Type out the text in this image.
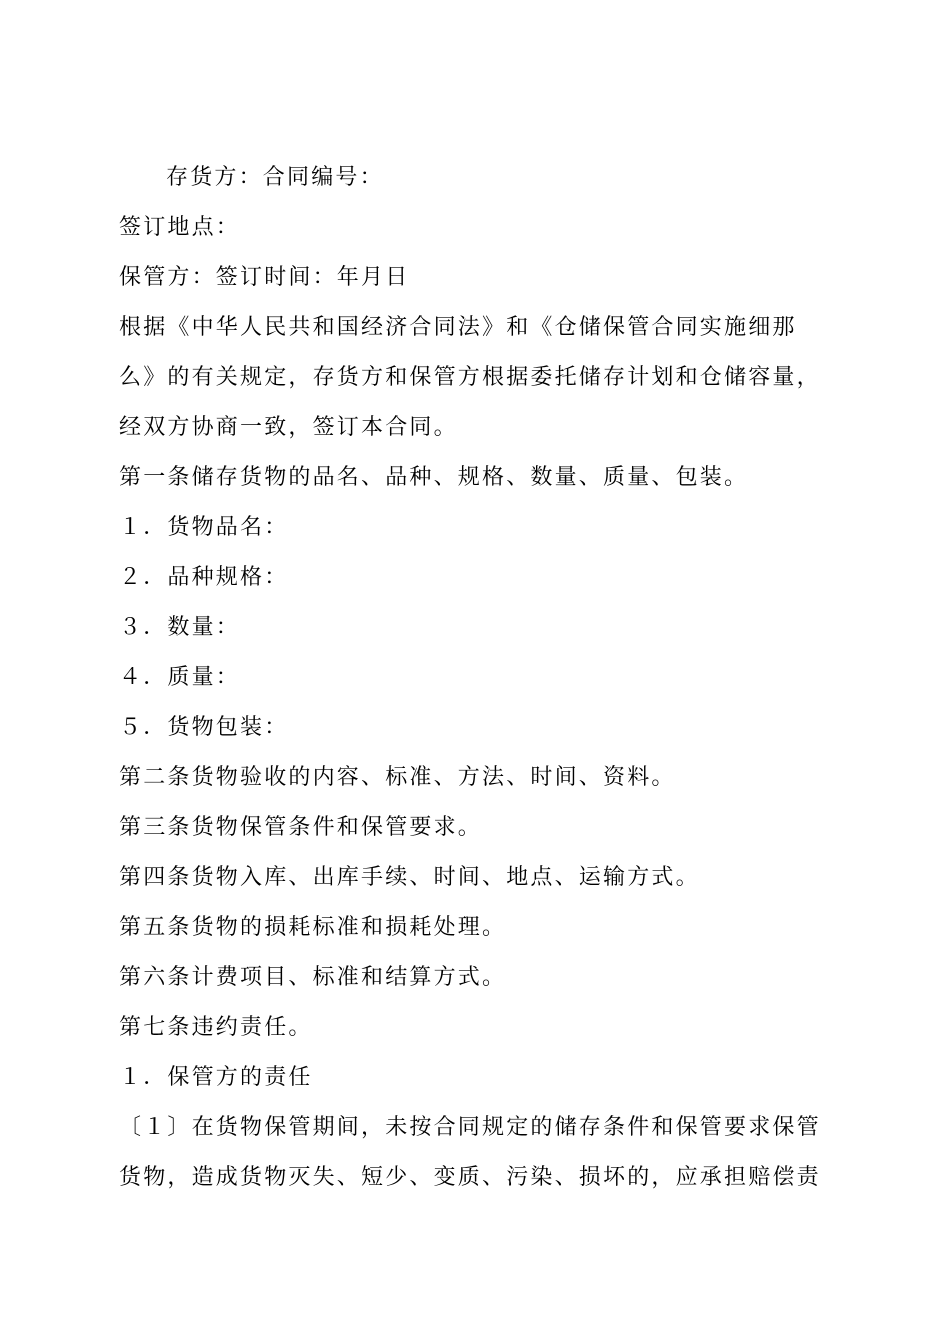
存货方：合同编号：
签订地点：
保管方：签订时间：年月日
根据《中华人民共和国经济合同法》和《仓储保管合同实施细那
么》的有关规定，存货方和保管方根据委托储存计划和仓储容量，
经双方协商一致，签订本合同。
第一条储存货物的品名、品种、规格、数量、质量、包装。
１．货物品名：
２．品种规格：
３．数量：
４．质量：
５．货物包装：
第二条货物验收的内容、标准、方法、时间、资料。
第三条货物保管条件和保管要求。
第四条货物入库、出库手续、时间、地点、运输方式。
第五条货物的损耗标准和损耗处理。
第六条计费项目、标准和结算方式。
第七条违约责任。
１．保管方的责任
〔１〕在货物保管期间，未按合同规定的储存条件和保管要求保管
货物，造成货物灭失、短少、变质、污染、损坏的，应承担赔偿责
